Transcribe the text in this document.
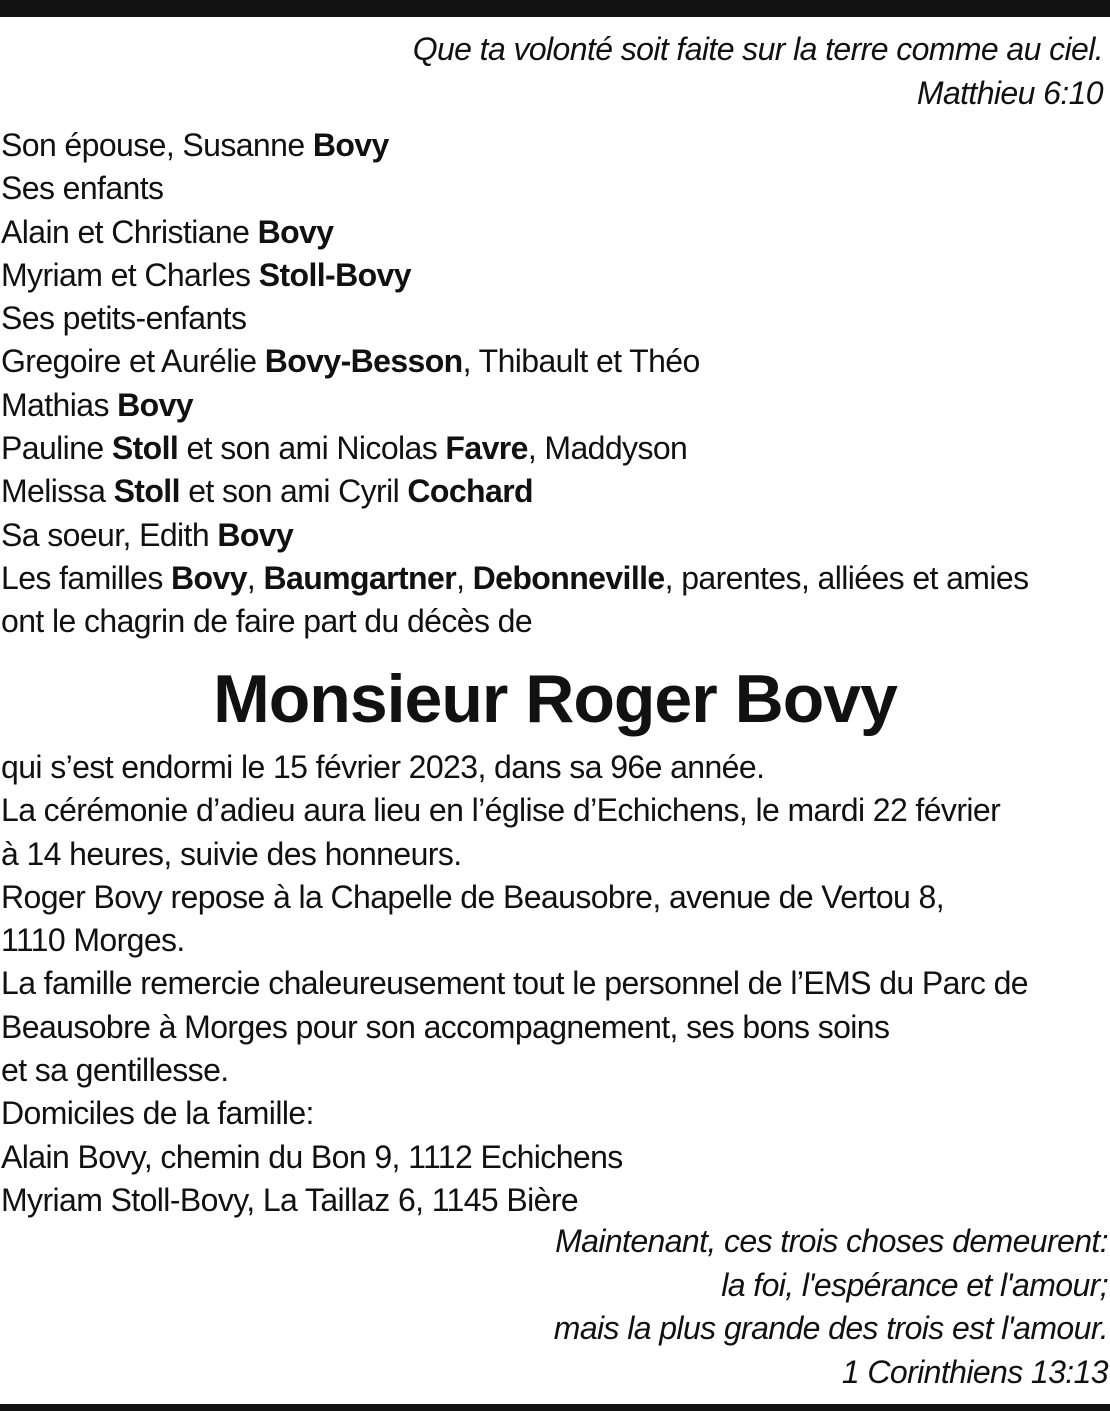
Que ta volonté soit faite sur la terre comme au ciel.
Matthieu 6:10
Son épouse, Susanne Bovy
Ses enfants
Alain et Christiane Bovy
Myriam et Charles Stoll-Bovy
Ses petits-enfants
Gregoire et Aurélie Bovy-Besson, Thibault et Théo
Mathias Bovy
Pauline Stoll et son ami Nicolas Favre, Maddyson
Melissa Stoll et son ami Cyril Cochard
Sa soeur, Edith Bovy
Les familles Bovy, Baumgartner, Debonneville, parentes, alliées et amies
ont le chagrin de faire part du décès de
Monsieur Roger Bovy
qui s’est endormi le 15 février 2023, dans sa 96e année.
La cérémonie d’adieu aura lieu en l’église d’Echichens, le mardi 22 février
à 14 heures, suivie des honneurs.
Roger Bovy repose à la Chapelle de Beausobre, avenue de Vertou 8,
1110 Morges.
La famille remercie chaleureusement tout le personnel de l’EMS du Parc de
Beausobre à Morges pour son accompagnement, ses bons soins
et sa gentillesse.
Domiciles de la famille:
Alain Bovy, chemin du Bon 9, 1112 Echichens
Myriam Stoll-Bovy, La Taillaz 6, 1145 Bière
Maintenant, ces trois choses demeurent:
la foi, l'espérance et l'amour;
mais la plus grande des trois est l'amour.
1 Corinthiens 13:13
